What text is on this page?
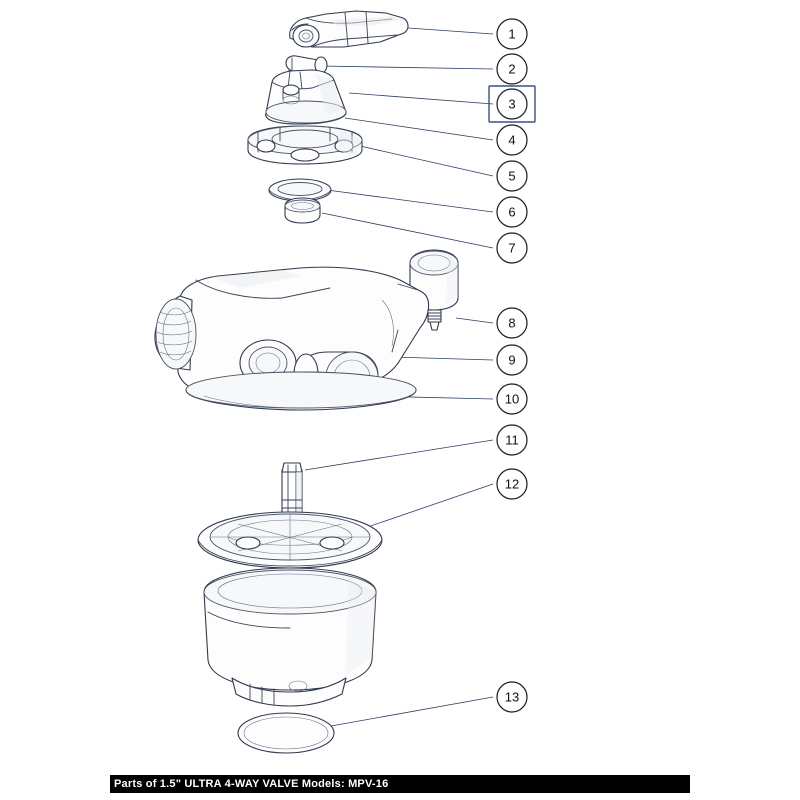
1
2
3
4
5
6
7
8
9
10
11
12
13
Parts of 1.5" ULTRA 4-WAY VALVE Models: MPV-16
